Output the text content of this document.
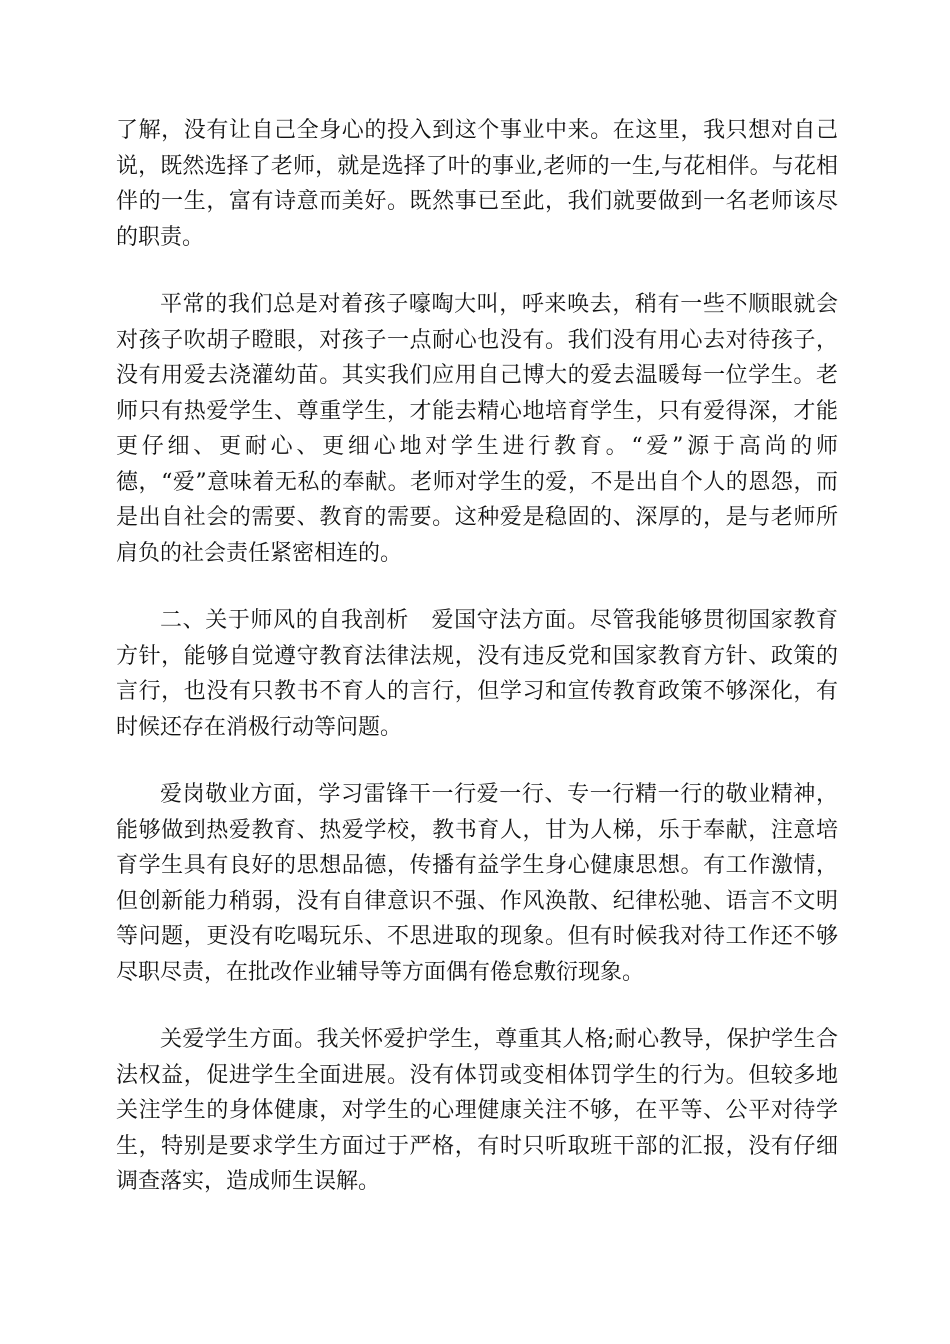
了解，没有让自己全身心的投入到这个事业中来。在这里，我只想对自己说，既然选择了老师，就是选择了叶的事业,老师的一生,与花相伴。与花相伴的一生，富有诗意而美好。既然事已至此，我们就要做到一名老师该尽的职责。

平常的我们总是对着孩子嚎啕大叫，呼来唤去，稍有一些不顺眼就会对孩子吹胡子瞪眼，对孩子一点耐心也没有。我们没有用心去对待孩子，没有用爱去浇灌幼苗。其实我们应用自己博大的爱去温暖每一位学生。老师只有热爱学生、尊重学生，才能去精心地培育学生，只有爱得深，才能更仔细、更耐心、更细心地对学生进行教育。“爱”源于高尚的师德，“爱”意味着无私的奉献。老师对学生的爱，不是出自个人的恩怨，而是出自社会的需要、教育的需要。这种爱是稳固的、深厚的，是与老师所肩负的社会责任紧密相连的。

二、关于师风的自我剖析　爱国守法方面。尽管我能够贯彻国家教育方针，能够自觉遵守教育法律法规，没有违反党和国家教育方针、政策的言行，也没有只教书不育人的言行，但学习和宣传教育政策不够深化，有时候还存在消极行动等问题。

爱岗敬业方面，学习雷锋干一行爱一行、专一行精一行的敬业精神，能够做到热爱教育、热爱学校，教书育人，甘为人梯，乐于奉献，注意培育学生具有良好的思想品德，传播有益学生身心健康思想。有工作激情，但创新能力稍弱，没有自律意识不强、作风涣散、纪律松驰、语言不文明等问题，更没有吃喝玩乐、不思进取的现象。但有时候我对待工作还不够尽职尽责，在批改作业辅导等方面偶有倦怠敷衍现象。

关爱学生方面。我关怀爱护学生，尊重其人格;耐心教导，保护学生合法权益，促进学生全面进展。没有体罚或变相体罚学生的行为。但较多地关注学生的身体健康，对学生的心理健康关注不够，在平等、公平对待学生，特别是要求学生方面过于严格，有时只听取班干部的汇报，没有仔细调查落实，造成师生误解。
